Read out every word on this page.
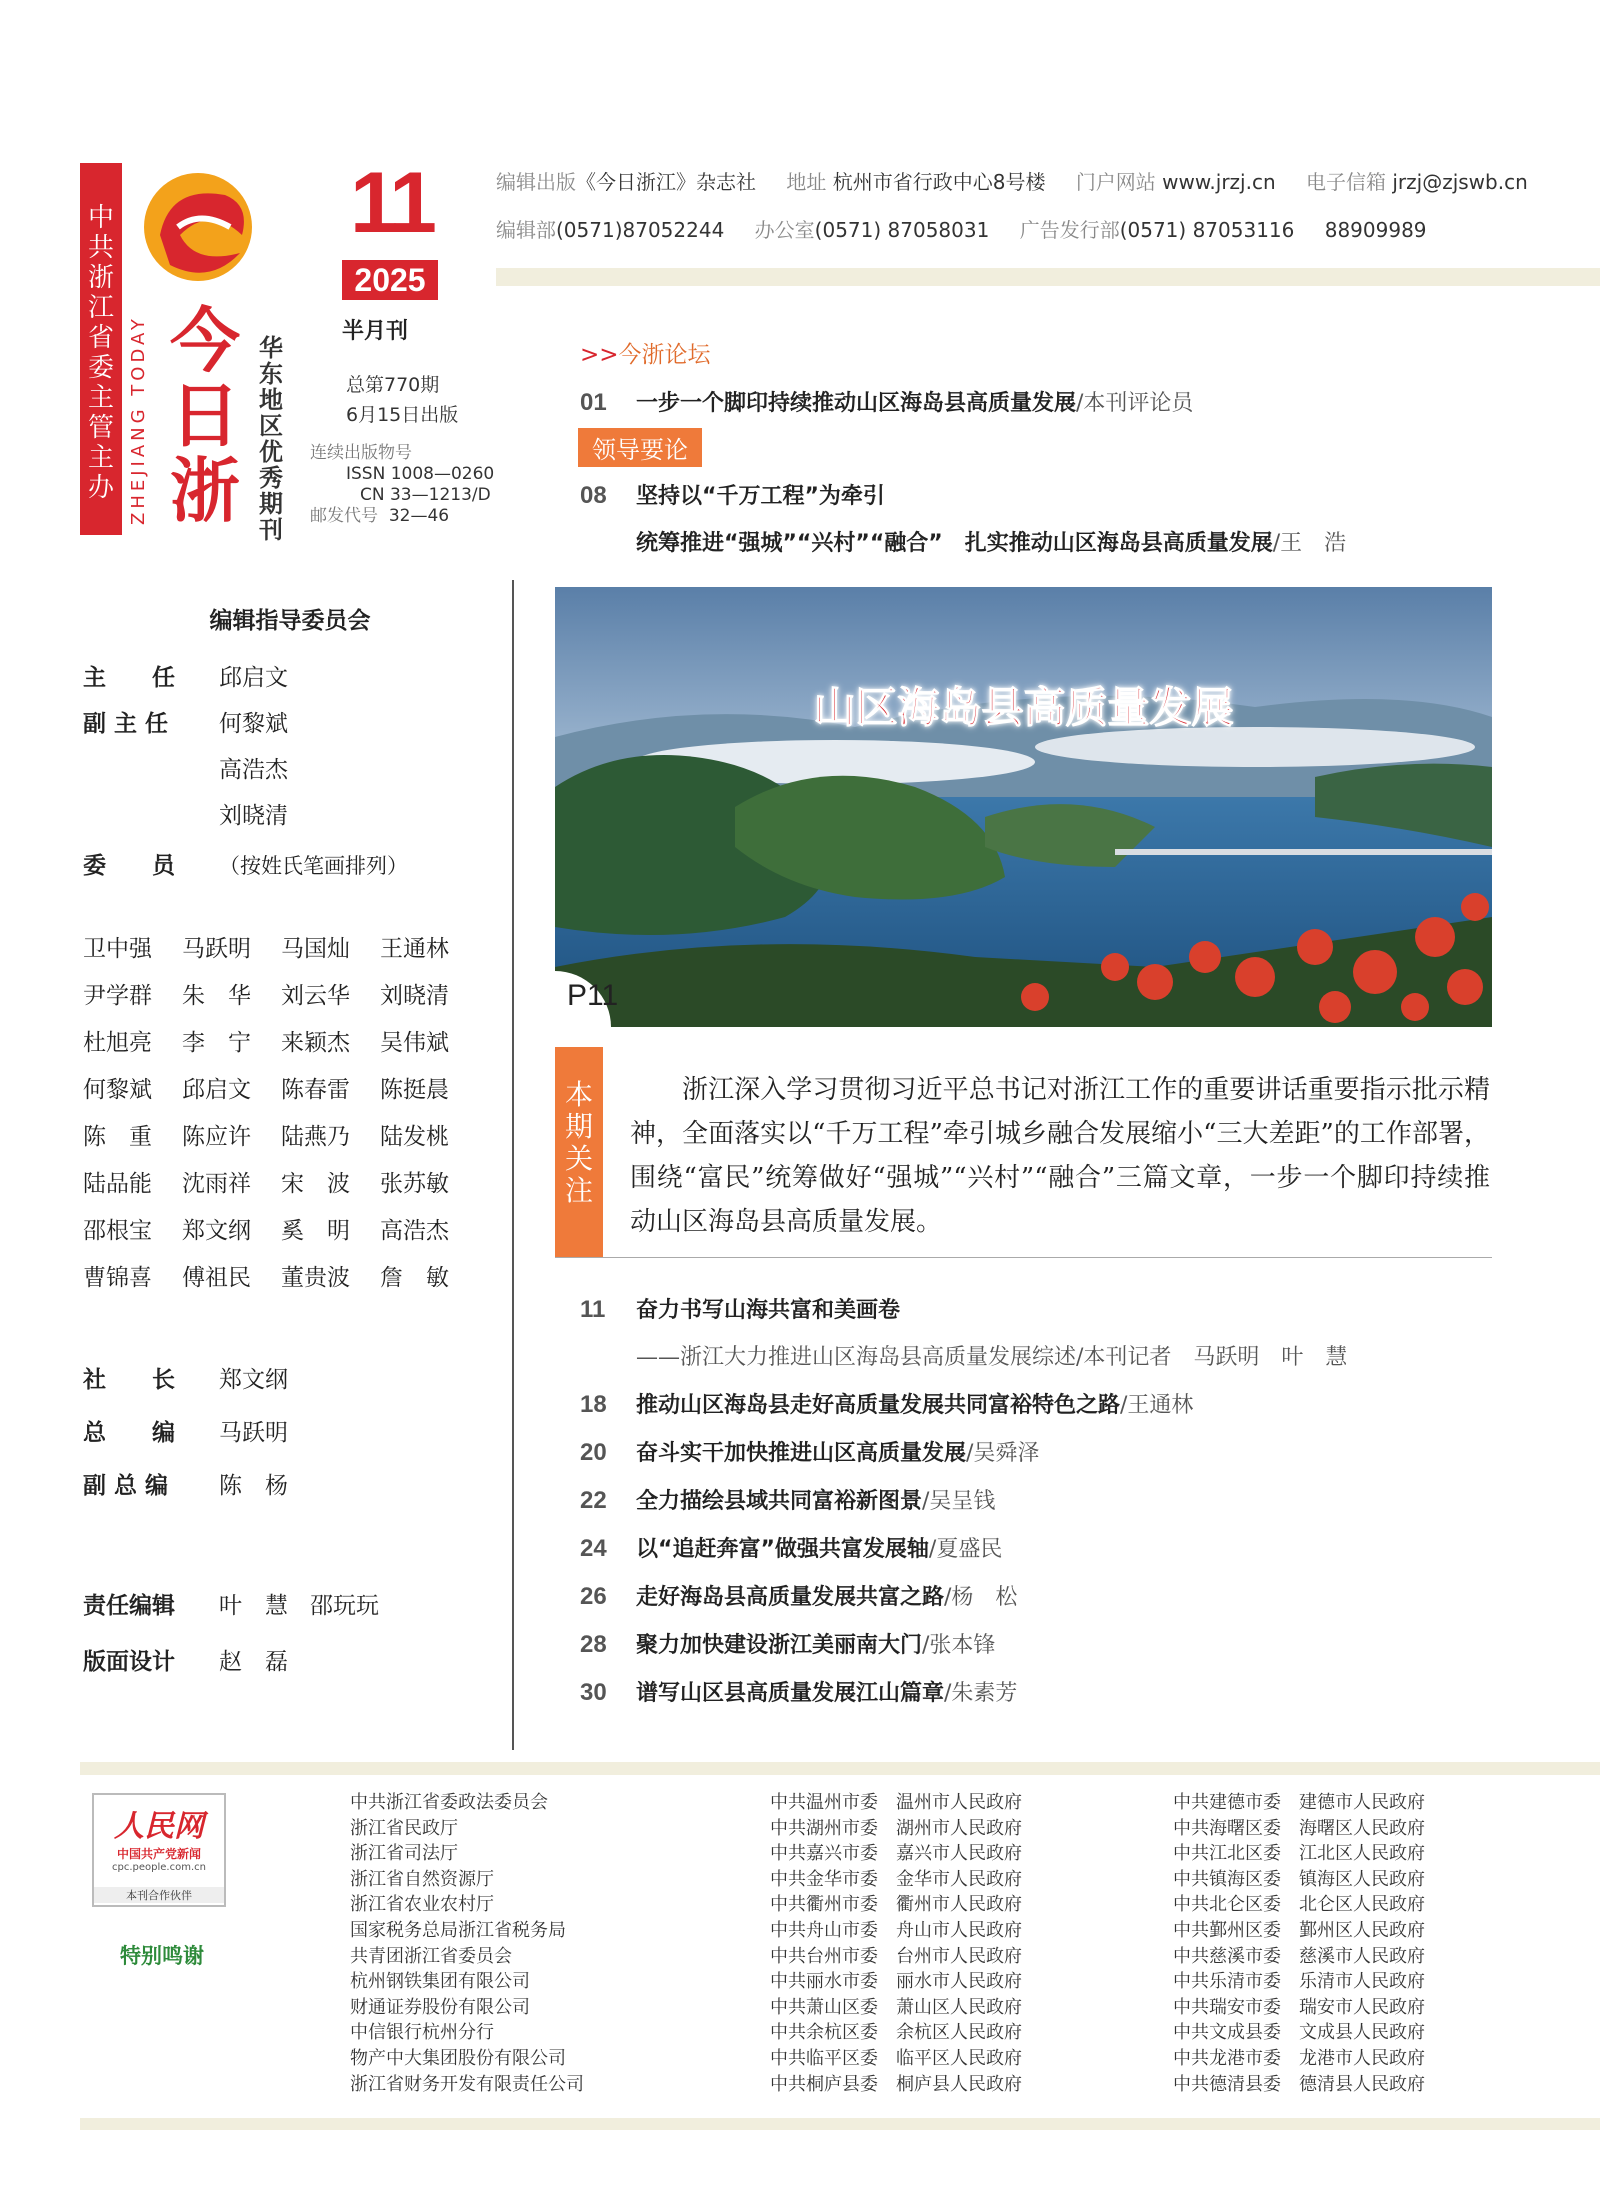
中共浙江省委主管主办 ZHEJIANG TODAY 今
日
浙
华东地区优秀期刊
11
2025
半月刊
总第770期
6月15日出版
连续出版物号
ISSN 1008—0260
CN 33—1213/D
邮发代号 32—46
编辑出版《今日浙江》杂志社 地址 杭州市省行政中心8号楼 门户网站 www.jrzj.cn 电子信箱 jrzj@zjswb.cn
编辑部(0571)87052244 办公室(0571) 87058031 广告发行部(0571) 87053116 88909989
编辑指导委员会
主　　任 邱启文
副 主 任 何黎斌
高浩杰
刘晓清
委　　员 （按姓氏笔画排列）
卫中强	马跃明	马国灿	王通林
尹学群	朱　华	刘云华	刘晓清
杜旭亮	李　宁	来颖杰	吴伟斌
何黎斌	邱启文	陈春雷	陈挺晨
陈　重	陈应许	陆燕乃	陆发桃
陆品能	沈雨祥	宋　波	张苏敏
邵根宝	郑文纲	奚　明	高浩杰
曹锦喜	傅祖民	董贵波	詹　敏
社　　长 郑文纲
总　　编 马跃明
副 总 编 陈　杨
责任编辑 叶　慧 邵玩玩
版面设计 赵　磊
>>今浙论坛
01 一步一个脚印持续推动山区海岛县高质量发展/本刊评论员
领导要论
08 坚持以“千万工程”为牵引
统筹推进“强城”“兴村”“融合”　扎实推动山区海岛县高质量发展/王　浩
山区海岛县高质量发展
P11
本期关注
浙江深入学习贯彻习近平总书记对浙江工作的重要讲话重要指示批示精神，全面落实以“千万工程”牵引城乡融合发展缩小“三大差距”的工作部署，围绕“富民”统筹做好“强城”“兴村”“融合”三篇文章，一步一个脚印持续推动山区海岛县高质量发展。
11 奋力书写山海共富和美画卷
——浙江大力推进山区海岛县高质量发展综述/本刊记者　马跃明　叶　慧
18 推动山区海岛县走好高质量发展共同富裕特色之路/王通林
20 奋斗实干加快推进山区高质量发展/吴舜泽
22 全力描绘县域共同富裕新图景/吴呈钱
24 以“追赶奔富”做强共富发展轴/夏盛民
26 走好海岛县高质量发展共富之路/杨　松
28 聚力加快建设浙江美丽南大门/张本锋
30 谱写山区县高质量发展江山篇章/朱素芳
人民网
中国共产党新闻
cpc.people.com.cn
本刊合作伙伴
特别鸣谢
中共浙江省委政法委员会
浙江省民政厅
浙江省司法厅
浙江省自然资源厅
浙江省农业农村厅
国家税务总局浙江省税务局
共青团浙江省委员会
杭州钢铁集团有限公司
财通证券股份有限公司
中信银行杭州分行
物产中大集团股份有限公司
浙江省财务开发有限责任公司
中共温州市委 温州市人民政府
中共湖州市委 湖州市人民政府
中共嘉兴市委 嘉兴市人民政府
中共金华市委 金华市人民政府
中共衢州市委 衢州市人民政府
中共舟山市委 舟山市人民政府
中共台州市委 台州市人民政府
中共丽水市委 丽水市人民政府
中共萧山区委 萧山区人民政府
中共余杭区委 余杭区人民政府
中共临平区委 临平区人民政府
中共桐庐县委 桐庐县人民政府
中共建德市委 建德市人民政府
中共海曙区委 海曙区人民政府
中共江北区委 江北区人民政府
中共镇海区委 镇海区人民政府
中共北仑区委 北仑区人民政府
中共鄞州区委 鄞州区人民政府
中共慈溪市委 慈溪市人民政府
中共乐清市委 乐清市人民政府
中共瑞安市委 瑞安市人民政府
中共文成县委 文成县人民政府
中共龙港市委 龙港市人民政府
中共德清县委 德清县人民政府
